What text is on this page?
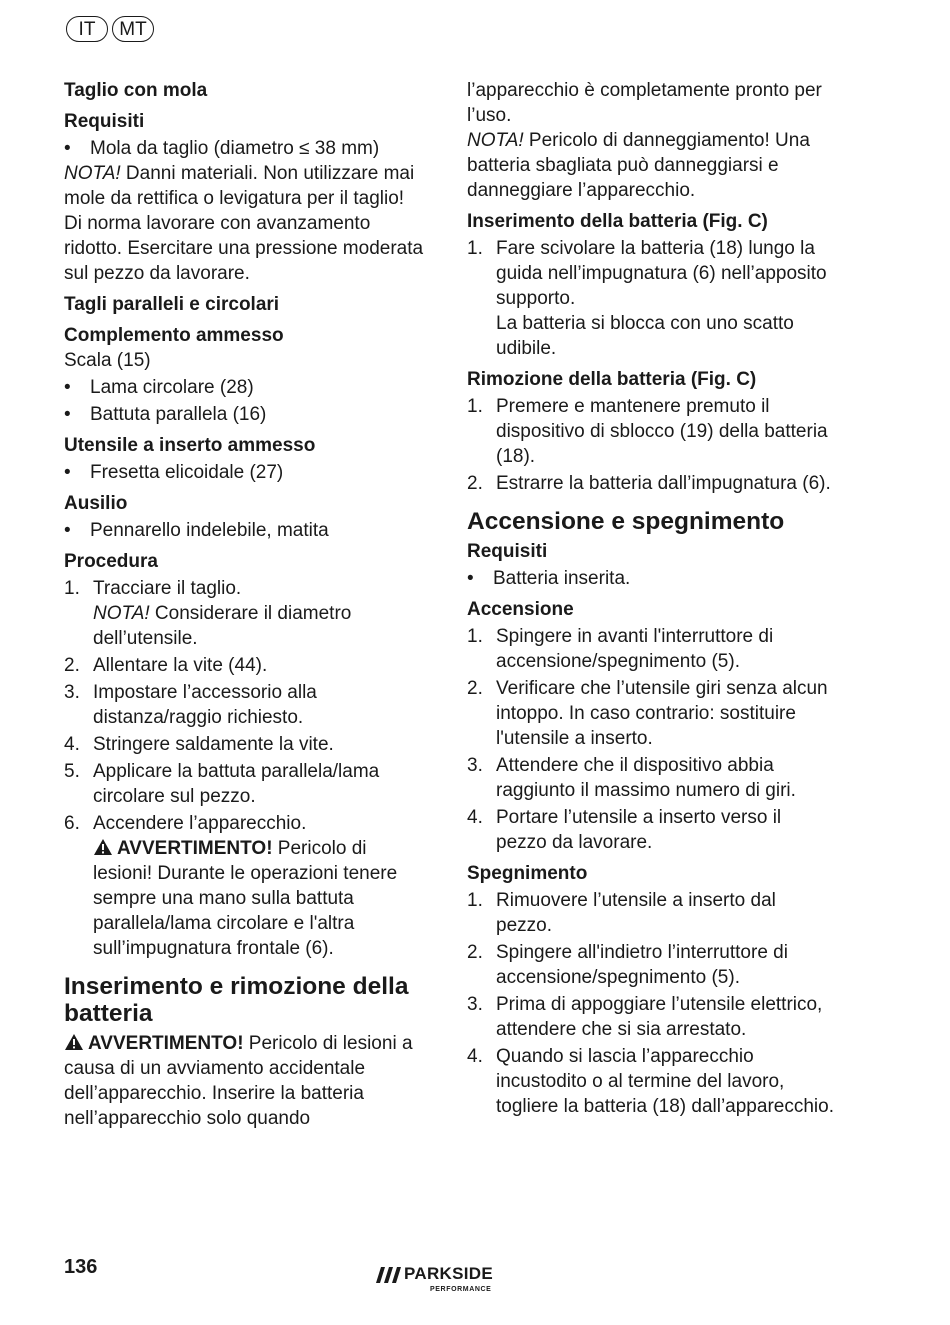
IT	MT
Taglio con mola
Requisiti
• Mola da taglio (diametro ≤ 38 mm)

NOTA! Danni materiali. Non utilizzare mai mole da rettifica o levigatura per il taglio!

Di norma lavorare con avanzamento ridotto. Esercitare una pressione moderata sul pezzo da lavorare.

Tagli paralleli e circolari
Complemento ammesso

Scala (15)

• Lama circolare (28)
• Battuta parallela (16)
Utensile a inserto ammesso
• Fresetta elicoidale (27)
Ausilio
• Pennarello indelebile, matita
Procedura
1. Tracciare il taglio.
NOTA! Considerare il diametro dell’utensile.
2. Allentare la vite (44).
3. Impostare l’accessorio alla distanza/raggio richiesto.
4. Stringere saldamente la vite.
5. Applicare la battuta parallela/lama circolare sul pezzo.
6. Accendere l’apparecchio.
AVVERTIMENTO! Pericolo di lesioni! Durante le operazioni tenere sempre una mano sulla battuta parallela/lama circolare e l'altra sull’impugnatura frontale (6).
Inserimento e rimozione della batteria

AVVERTIMENTO! Pericolo di lesioni a causa di un avviamento accidentale dell’apparecchio. Inserire la batteria nell’apparecchio solo quando

l’apparecchio è completamente pronto per l’uso.

NOTA! Pericolo di danneggiamento! Una batteria sbagliata può danneggiarsi e danneggiare l’apparecchio.

Inserimento della batteria (Fig. C)
1. Fare scivolare la batteria (18) lungo la guida nell’impugnatura (6) nell’apposito supporto.
La batteria si blocca con uno scatto udibile.
Rimozione della batteria (Fig. C)
1. Premere e mantenere premuto il dispositivo di sblocco (19) della batteria (18).
2. Estrarre la batteria dall’impugnatura (6).
Accensione e spegnimento
Requisiti
• Batteria inserita.
Accensione
1. Spingere in avanti l'interruttore di accensione/spegnimento (5).
2. Verificare che l’utensile giri senza alcun intoppo. In caso contrario: sostituire l'utensile a inserto.
3. Attendere che il dispositivo abbia raggiunto il massimo numero di giri.
4. Portare l’utensile a inserto verso il pezzo da lavorare.
Spegnimento
1. Rimuovere l’utensile a inserto dal pezzo.
2. Spingere all'indietro l’interruttore di accensione/spegnimento (5).
3. Prima di appoggiare l’utensile elettrico, attendere che si sia arrestato.
4. Quando si lascia l’apparecchio incustodito o al termine del lavoro, togliere la batteria (18) dall’apparecchio.
136	PARKSIDE
PERFORMANCE
